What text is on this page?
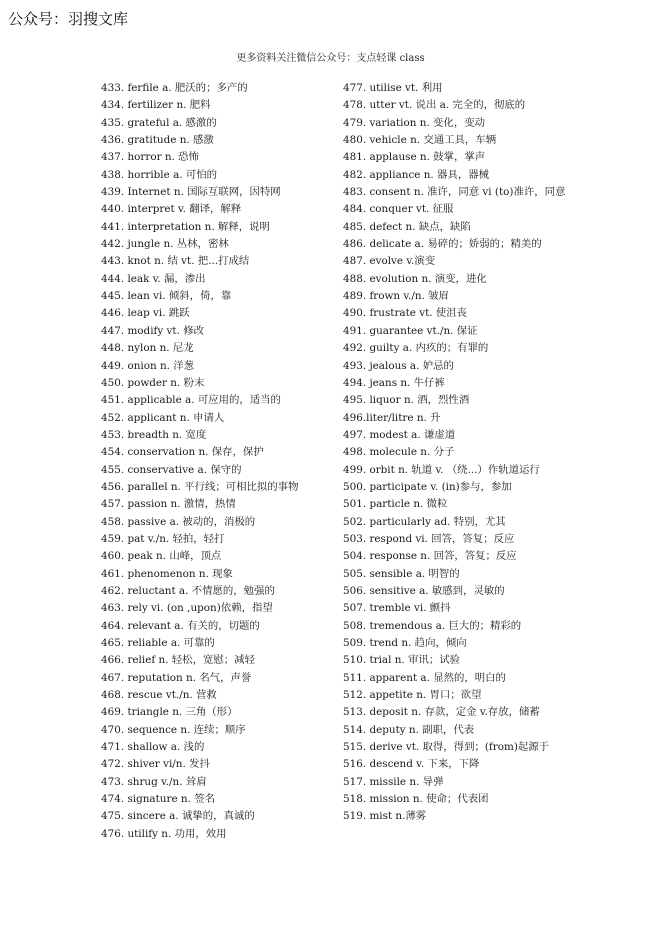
公众号：羽搜文库
更多资料关注微信公众号：支点轻课 class
433. ferfile a. 肥沃的；多产的
434. fertilizer n. 肥料
435. grateful a. 感激的
436. gratitude n. 感激
437. horror n. 恐怖
438. horrible a. 可怕的
439. Internet n. 国际互联网，因特网
440. interpret v. 翻译，解释
441. interpretation n. 解释，说明
442. jungle n. 丛林，密林
443. knot n. 结 vt. 把...打成结
444. leak v. 漏，渗出
445. lean vi. 倾斜，倚，靠
446. leap vi. 跳跃
447. modify vt. 修改
448. nylon n. 尼龙
449. onion n. 洋葱
450. powder n. 粉末
451. applicable a. 可应用的，适当的
452. applicant n. 申请人
453. breadth n. 宽度
454. conservation n. 保存，保护
455. conservative a. 保守的
456. parallel n. 平行线；可相比拟的事物
457. passion n. 激情，热情
458. passive a. 被动的，消极的
459. pat v./n. 轻拍，轻打
460. peak n. 山峰，顶点
461. phenomenon n. 现象
462. reluctant a. 不情愿的，勉强的
463. rely vi. (on ,upon)依赖，指望
464. relevant a. 有关的，切题的
465. reliable a. 可靠的
466. relief n. 轻松，宽慰；减轻
467. reputation n. 名气，声誉
468. rescue vt./n. 营救
469. triangle n. 三角（形）
470. sequence n. 连续；顺序
471. shallow a. 浅的
472. shiver vi/n. 发抖
473. shrug v./n. 耸肩
474. signature n. 签名
475. sincere a. 诚挚的，真诚的
476. utilify n. 功用，效用
477. utilise vt. 利用
478. utter vt. 说出 a. 完全的，彻底的
479. variation n. 变化，变动
480. vehicle n. 交通工具，车辆
481. applause n. 鼓掌，掌声
482. appliance n. 器具，器械
483. consent n. 准许，同意 vi (to)准许，同意
484. conquer vt. 征服
485. defect n. 缺点，缺陷
486. delicate a. 易碎的；娇弱的；精美的
487. evolve v.演变
488. evolution n. 演变，进化
489. frown v./n. 皱眉
490. frustrate vt. 使沮丧
491. guarantee vt./n. 保证
492. guilty a. 内疚的；有罪的
493. jealous a. 妒忌的
494. jeans n. 牛仔裤
495. liquor n. 酒，烈性酒
496.liter/litre n. 升
497. modest a. 谦虚道
498. molecule n. 分子
499. orbit n. 轨道 v. （绕...）作轨道运行
500. participate v. (in)参与，参加
501. particle n. 微粒
502. particularly ad. 特别，尤其
503. respond vi. 回答，答复；反应
504. response n. 回答，答复；反应
505. sensible a. 明智的
506. sensitive a. 敏感到，灵敏的
507. tremble vi. 颤抖
508. tremendous a. 巨大的；精彩的
509. trend n. 趋向，倾向
510. trial n. 审讯；试验
511. apparent a. 显然的，明白的
512. appetite n. 胃口；欲望
513. deposit n. 存款，定金 v.存放，储蓄
514. deputy n. 副职，代表
515. derive vt. 取得，得到；(from)起源于
516. descend v. 下来，下降
517. missile n. 导弹
518. mission n. 使命；代表团
519. mist n.薄雾
